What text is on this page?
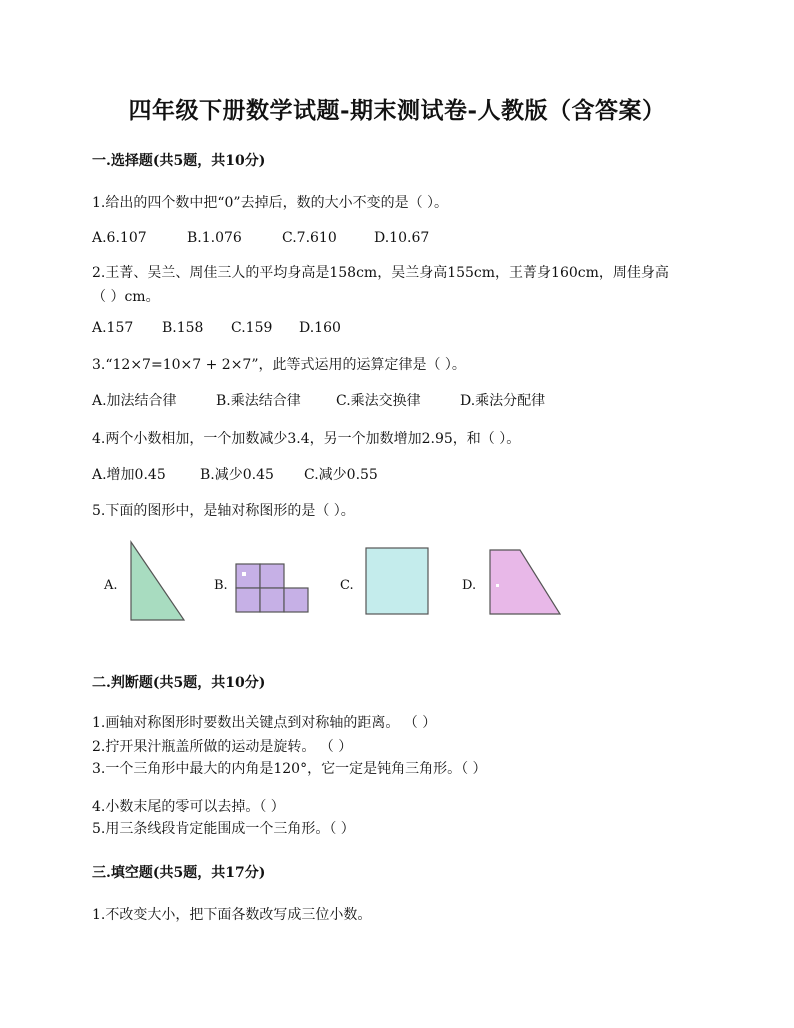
四年级下册数学试题-期末测试卷-人教版（含答案）
一.选择题(共5题，共10分)
1.给出的四个数中把“0”去掉后，数的大小不变的是（ ）。
A.6.107	B.1.076	C.7.610	D.10.67
2.王菁、吴兰、周佳三人的平均身高是158cm，吴兰身高155cm，王菁身160cm，周佳身高
（ ）cm。
A.157 B.158 C.159 D.160
3.“12×7=10×7 + 2×7”，此等式运用的运算定律是（ ）。
A.加法结合律	B.乘法结合律	C.乘法交换律	D.乘法分配律
4.两个小数相加，一个加数减少3.4，另一个加数增加2.95，和（ ）。
A.增加0.45 B.减少0.45 C.减少0.55
5.下面的图形中，是轴对称图形的是（ ）。
A.	B.	C.	D.
二.判断题(共5题，共10分)
1.画轴对称图形时要数出关键点到对称轴的距离。 （ ）
2.拧开果汁瓶盖所做的运动是旋转。 （ ）
3.一个三角形中最大的内角是120°，它一定是钝角三角形。（ ）
4.小数末尾的零可以去掉。（ ）
5.用三条线段肯定能围成一个三角形。（ ）
三.填空题(共5题，共17分)
1.不改变大小，把下面各数改写成三位小数。
